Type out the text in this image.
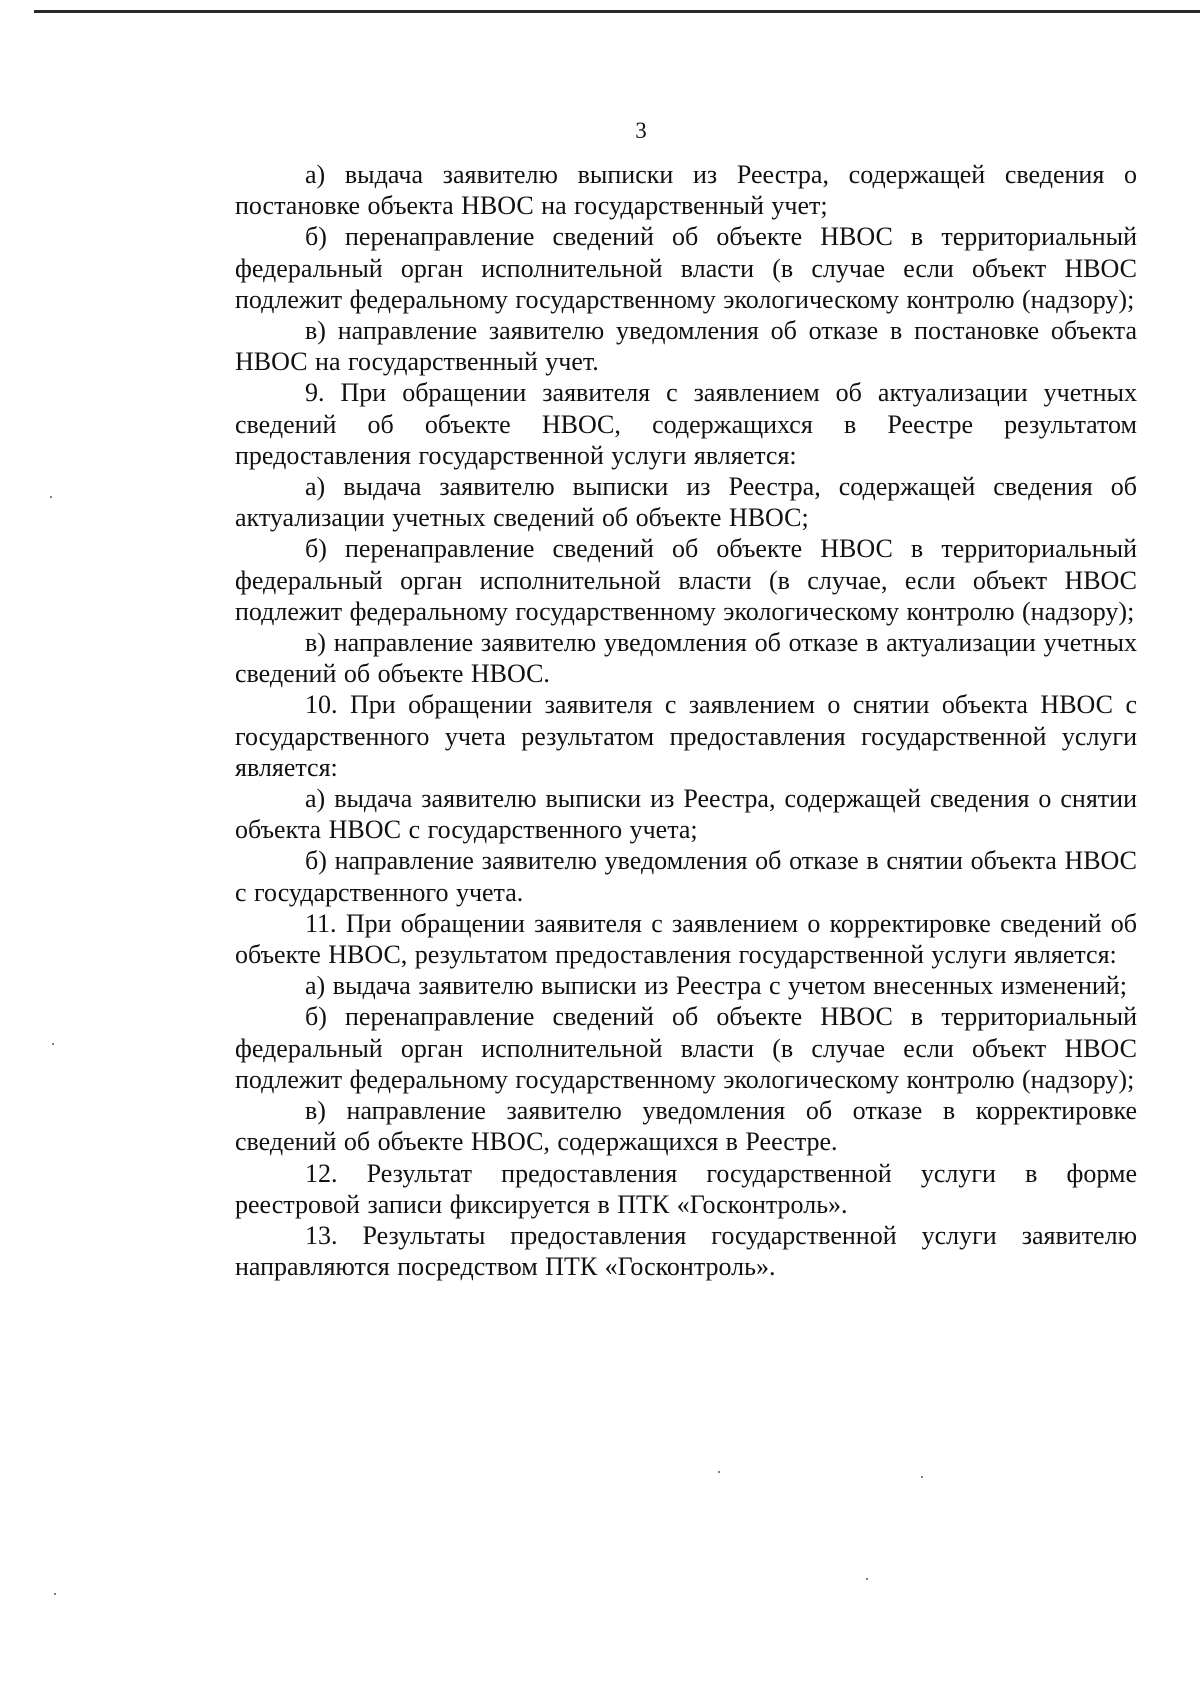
3

а) выдача заявителю выписки из Реестра, содержащей сведения о постановке объекта НВОС на государственный учет;

б) перенаправление сведений об объекте НВОС в территориальный федеральный орган исполнительной власти (в случае если объект НВОС подлежит федеральному государственному экологическому контролю (надзору);

в) направление заявителю уведомления об отказе в постановке объекта НВОС на государственный учет.

9. При обращении заявителя с заявлением об актуализации учетных сведений об объекте НВОС, содержащихся в Реестре результатом предоставления государственной услуги является:

а) выдача заявителю выписки из Реестра, содержащей сведения об актуализации учетных сведений об объекте НВОС;

б) перенаправление сведений об объекте НВОС в территориальный федеральный орган исполнительной власти (в случае, если объект НВОС подлежит федеральному государственному экологическому контролю (надзору);

в) направление заявителю уведомления об отказе в актуализации учетных сведений об объекте НВОС.

10. При обращении заявителя с заявлением о снятии объекта НВОС с государственного учета результатом предоставления государственной услуги является:

а) выдача заявителю выписки из Реестра, содержащей сведения о снятии объекта НВОС с государственного учета;

б) направление заявителю уведомления об отказе в снятии объекта НВОС с государственного учета.

11. При обращении заявителя с заявлением о корректировке сведений об объекте НВОС, результатом предоставления государственной услуги является:

а) выдача заявителю выписки из Реестра с учетом внесенных изменений;

б) перенаправление сведений об объекте НВОС в территориальный федеральный орган исполнительной власти (в случае если объект НВОС подлежит федеральному государственному экологическому контролю (надзору);

в) направление заявителю уведомления об отказе в корректировке сведений об объекте НВОС, содержащихся в Реестре.

12. Результат предоставления государственной услуги в форме реестровой записи фиксируется в ПТК «Госконтроль».

13. Результаты предоставления государственной услуги заявителю направляются посредством ПТК «Госконтроль».
